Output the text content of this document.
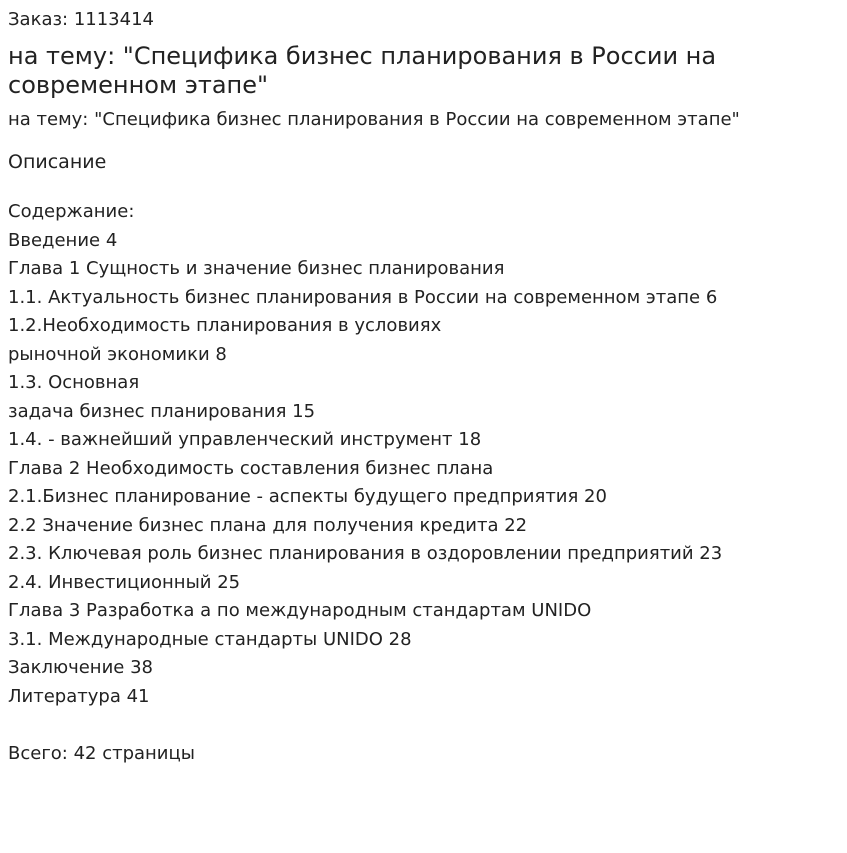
Заказ: 1113414
на тему: "Специфика бизнес планирования в России на современном этапе"
на тему: "Специфика бизнес планирования в России на современном этапе"
Описание
Содержание:
Введение 4
Глава 1 Сущность и значение бизнес планирования
1.1. Актуальность бизнес планирования в России на современном этапе 6
1.2.Необходимость планирования в условиях
рыночной экономики 8
1.3. Основная
задача бизнес планирования 15
1.4. - важнейший управленческий инструмент 18
Глава 2 Необходимость составления бизнес плана
2.1.Бизнес планирование - аспекты будущего предприятия 20
2.2 Значение бизнес плана для получения кредита 22
2.3. Ключевая роль бизнес планирования в оздоровлении предприятий 23
2.4. Инвестиционный 25
Глава 3 Разработка а по международным стандартам UNIDO
3.1. Международные стандарты UNIDO 28
Заключение 38
Литература 41
Всего: 42 страницы
